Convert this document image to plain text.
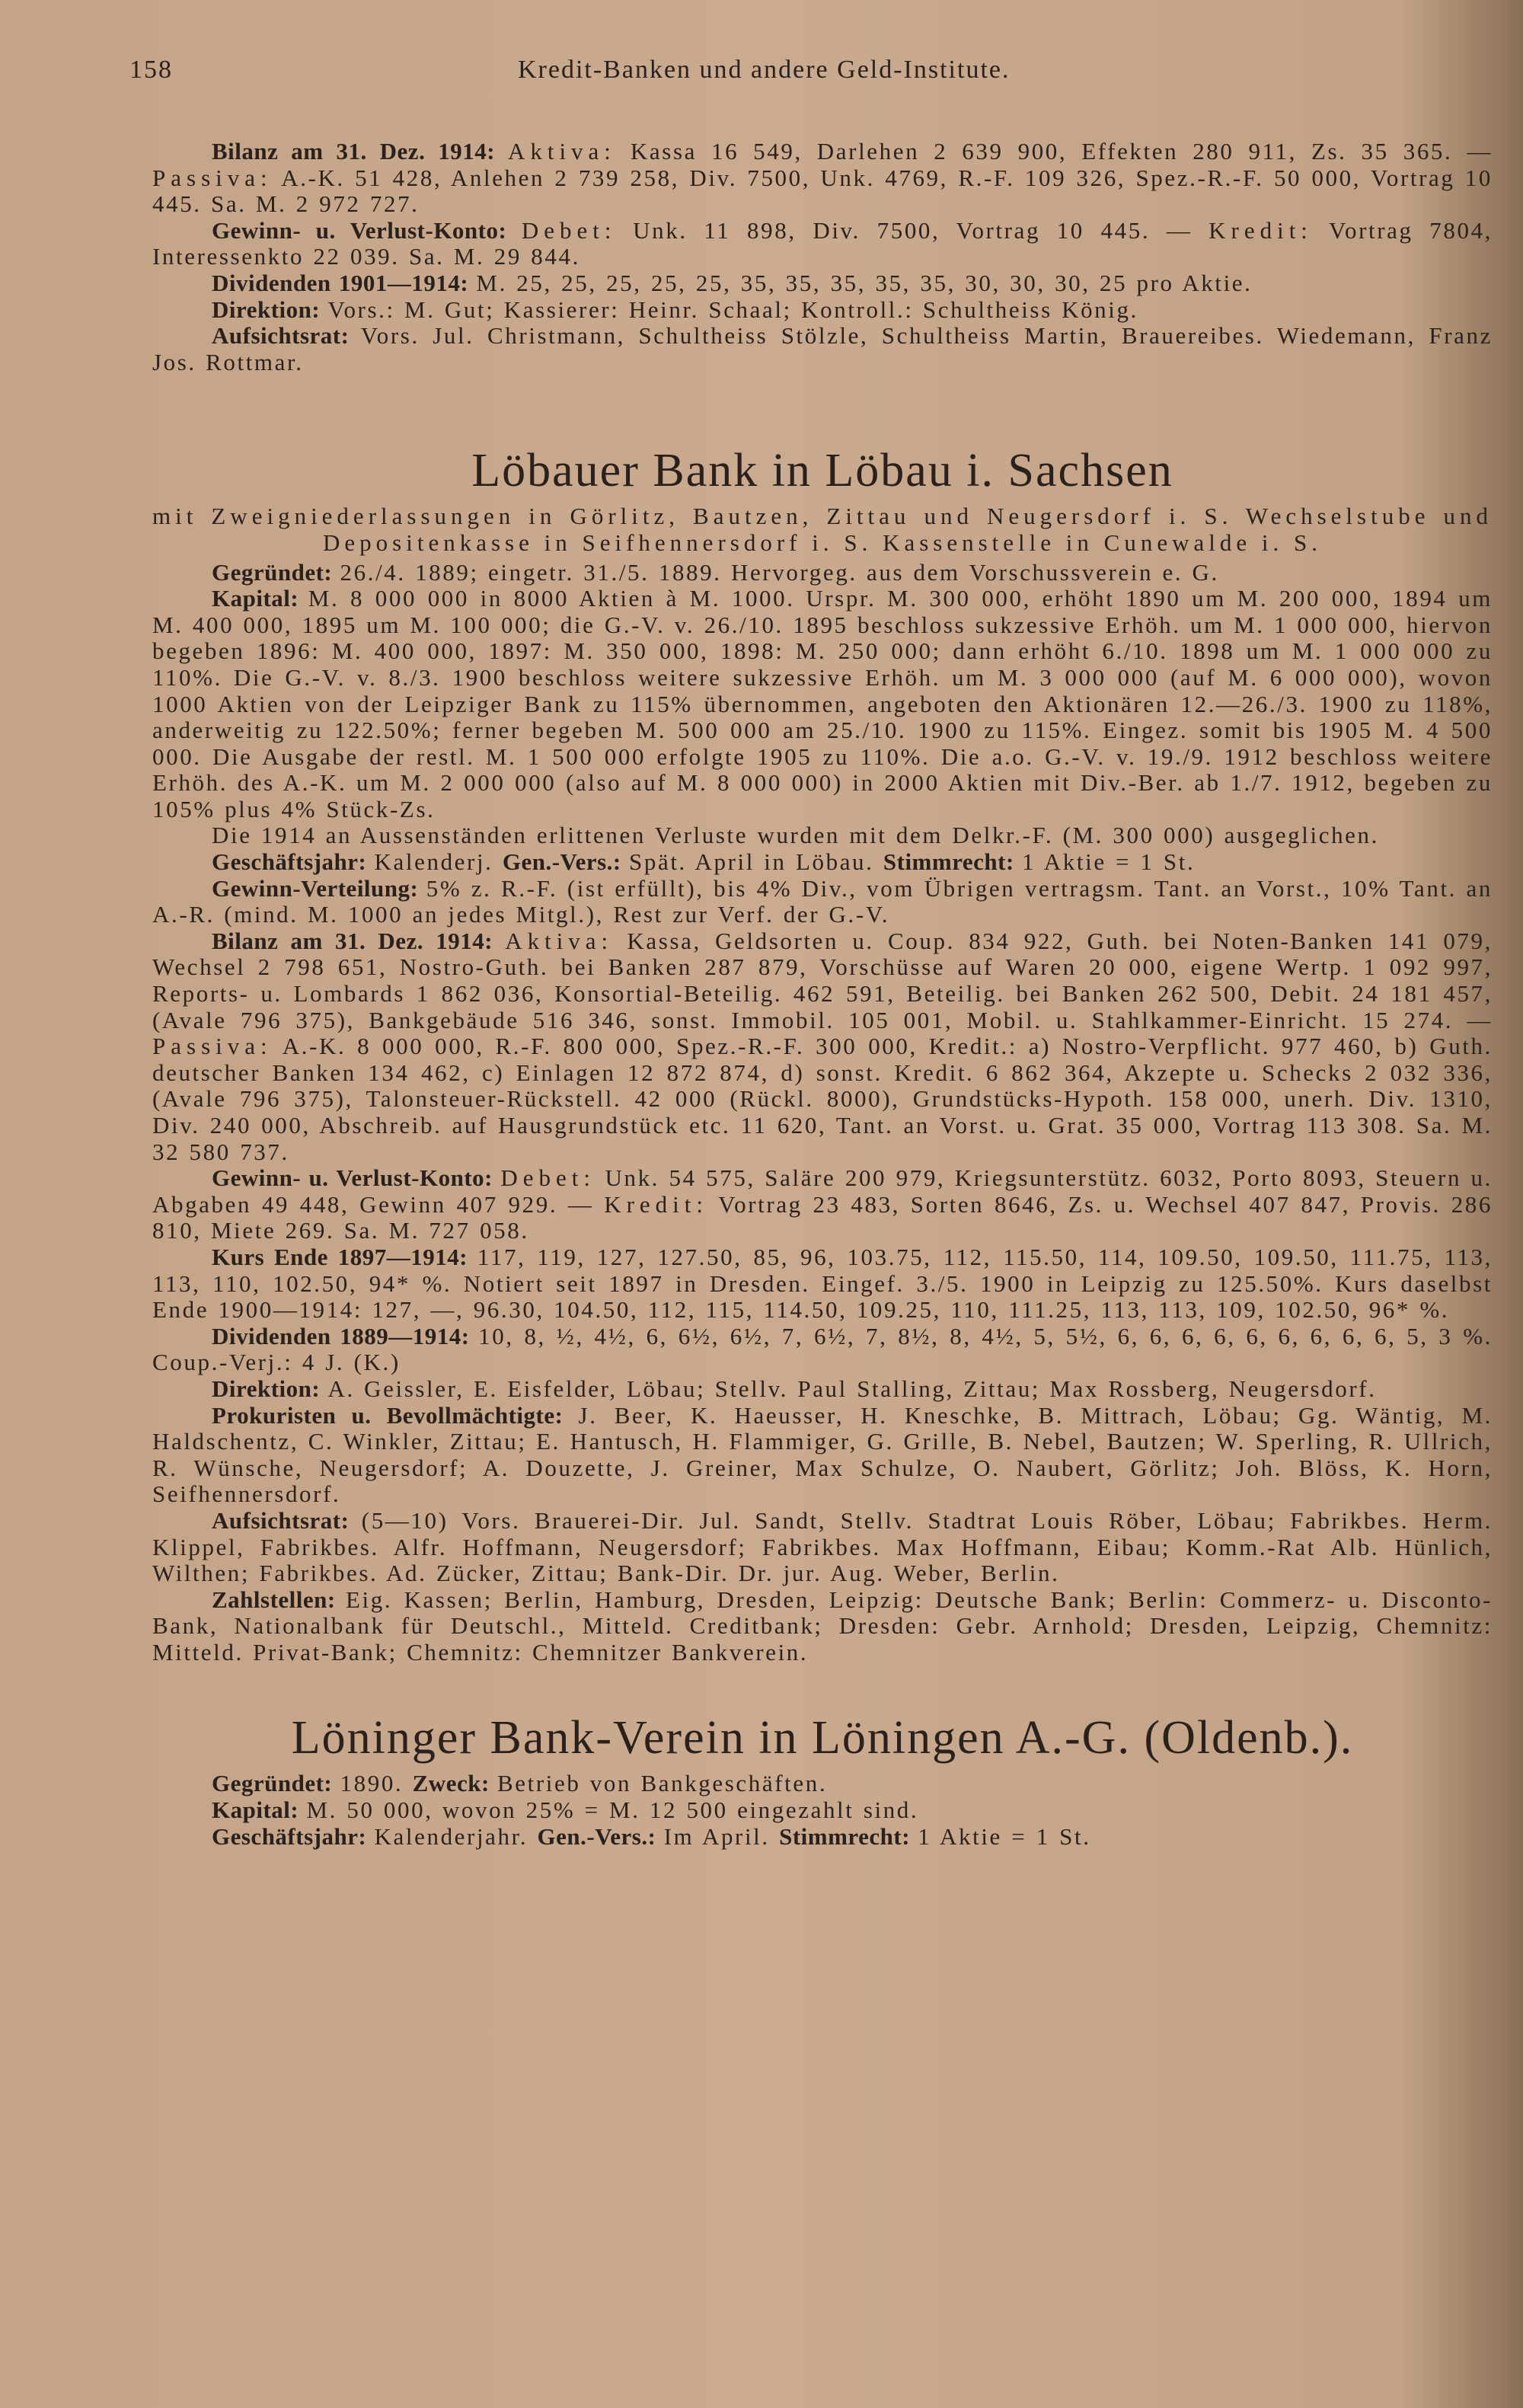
158	Kredit-Banken und andere Geld-Institute.

Bilanz am 31. Dez. 1914: Aktiva: Kassa 16 549, Darlehen 2 639 900, Effekten 280 911, Zs. 35 365. — Passiva: A.-K. 51 428, Anlehen 2 739 258, Div. 7500, Unk. 4769, R.-F. 109 326, Spez.-R.-F. 50 000, Vortrag 10 445. Sa. M. 2 972 727.

Gewinn- u. Verlust-Konto: Debet: Unk. 11 898, Div. 7500, Vortrag 10 445. — Kredit: Vortrag 7804, Interessenkto 22 039. Sa. M. 29 844.

Dividenden 1901—1914: M. 25, 25, 25, 25, 25, 35, 35, 35, 35, 35, 30, 30, 30, 25 pro Aktie.

Direktion: Vors.: M. Gut; Kassierer: Heinr. Schaal; Kontroll.: Schultheiss König.

Aufsichtsrat: Vors. Jul. Christmann, Schultheiss Stölzle, Schultheiss Martin, Brauereibes. Wiedemann, Franz Jos. Rottmar.

Löbauer Bank in Löbau i. Sachsen
mit Zweigniederlassungen in Görlitz, Bautzen, Zittau und Neugersdorf i. S. Wechselstube und Depositenkasse in Seifhennersdorf i. S. Kassenstelle in Cunewalde i. S.

Gegründet: 26./4. 1889; eingetr. 31./5. 1889. Hervorgeg. aus dem Vorschussverein e. G.

Kapital: M. 8 000 000 in 8000 Aktien à M. 1000. Urspr. M. 300 000, erhöht 1890 um M. 200 000, 1894 um M. 400 000, 1895 um M. 100 000; die G.-V. v. 26./10. 1895 beschloss sukzessive Erhöh. um M. 1 000 000, hiervon begeben 1896: M. 400 000, 1897: M. 350 000, 1898: M. 250 000; dann erhöht 6./10. 1898 um M. 1 000 000 zu 110%. Die G.-V. v. 8./3. 1900 beschloss weitere sukzessive Erhöh. um M. 3 000 000 (auf M. 6 000 000), wovon 1000 Aktien von der Leipziger Bank zu 115% übernommen, angeboten den Aktionären 12.—26./3. 1900 zu 118%, anderweitig zu 122.50%; ferner begeben M. 500 000 am 25./10. 1900 zu 115%. Eingez. somit bis 1905 M. 4 500 000. Die Ausgabe der restl. M. 1 500 000 erfolgte 1905 zu 110%. Die a.o. G.-V. v. 19./9. 1912 beschloss weitere Erhöh. des A.-K. um M. 2 000 000 (also auf M. 8 000 000) in 2000 Aktien mit Div.-Ber. ab 1./7. 1912, begeben zu 105% plus 4% Stück-Zs.

Die 1914 an Aussenständen erlittenen Verluste wurden mit dem Delkr.-F. (M. 300 000) ausgeglichen.

Geschäftsjahr: Kalenderj. Gen.-Vers.: Spät. April in Löbau. Stimmrecht: 1 Aktie = 1 St.

Gewinn-Verteilung: 5% z. R.-F. (ist erfüllt), bis 4% Div., vom Übrigen vertragsm. Tant. an Vorst., 10% Tant. an A.-R. (mind. M. 1000 an jedes Mitgl.), Rest zur Verf. der G.-V.

Bilanz am 31. Dez. 1914: Aktiva: Kassa, Geldsorten u. Coup. 834 922, Guth. bei Noten-Banken 141 079, Wechsel 2 798 651, Nostro-Guth. bei Banken 287 879, Vorschüsse auf Waren 20 000, eigene Wertp. 1 092 997, Reports- u. Lombards 1 862 036, Konsortial-Beteilig. 462 591, Beteilig. bei Banken 262 500, Debit. 24 181 457, (Avale 796 375), Bankgebäude 516 346, sonst. Immobil. 105 001, Mobil. u. Stahlkammer-Einricht. 15 274. — Passiva: A.-K. 8 000 000, R.-F. 800 000, Spez.-R.-F. 300 000, Kredit.: a) Nostro-Verpflicht. 977 460, b) Guth. deutscher Banken 134 462, c) Einlagen 12 872 874, d) sonst. Kredit. 6 862 364, Akzepte u. Schecks 2 032 336, (Avale 796 375), Talonsteuer-Rückstell. 42 000 (Rückl. 8000), Grundstücks-Hypoth. 158 000, unerh. Div. 1310, Div. 240 000, Abschreib. auf Hausgrundstück etc. 11 620, Tant. an Vorst. u. Grat. 35 000, Vortrag 113 308. Sa. M. 32 580 737.

Gewinn- u. Verlust-Konto: Debet: Unk. 54 575, Saläre 200 979, Kriegsunterstütz. 6032, Porto 8093, Steuern u. Abgaben 49 448, Gewinn 407 929. — Kredit: Vortrag 23 483, Sorten 8646, Zs. u. Wechsel 407 847, Provis. 286 810, Miete 269. Sa. M. 727 058.

Kurs Ende 1897—1914: 117, 119, 127, 127.50, 85, 96, 103.75, 112, 115.50, 114, 109.50, 109.50, 111.75, 113, 113, 110, 102.50, 94* %. Notiert seit 1897 in Dresden. Eingef. 3./5. 1900 in Leipzig zu 125.50%. Kurs daselbst Ende 1900—1914: 127, —, 96.30, 104.50, 112, 115, 114.50, 109.25, 110, 111.25, 113, 113, 109, 102.50, 96* %.

Dividenden 1889—1914: 10, 8, ½, 4½, 6, 6½, 6½, 7, 6½, 7, 8½, 8, 4½, 5, 5½, 6, 6, 6, 6, 6, 6, 6, 6, 6, 5, 3 %. Coup.-Verj.: 4 J. (K.)

Direktion: A. Geissler, E. Eisfelder, Löbau; Stellv. Paul Stalling, Zittau; Max Rossberg, Neugersdorf.

Prokuristen u. Bevollmächtigte: J. Beer, K. Haeusser, H. Kneschke, B. Mittrach, Löbau; Gg. Wäntig, M. Haldschentz, C. Winkler, Zittau; E. Hantusch, H. Flammiger, G. Grille, B. Nebel, Bautzen; W. Sperling, R. Ullrich, R. Wünsche, Neugersdorf; A. Douzette, J. Greiner, Max Schulze, O. Naubert, Görlitz; Joh. Blöss, K. Horn, Seifhennersdorf.

Aufsichtsrat: (5—10) Vors. Brauerei-Dir. Jul. Sandt, Stellv. Stadtrat Louis Röber, Löbau; Fabrikbes. Herm. Klippel, Fabrikbes. Alfr. Hoffmann, Neugersdorf; Fabrikbes. Max Hoffmann, Eibau; Komm.-Rat Alb. Hünlich, Wilthen; Fabrikbes. Ad. Zücker, Zittau; Bank-Dir. Dr. jur. Aug. Weber, Berlin.

Zahlstellen: Eig. Kassen; Berlin, Hamburg, Dresden, Leipzig: Deutsche Bank; Berlin: Commerz- u. Disconto-Bank, Nationalbank für Deutschl., Mitteld. Creditbank; Dresden: Gebr. Arnhold; Dresden, Leipzig, Chemnitz: Mitteld. Privat-Bank; Chemnitz: Chemnitzer Bankverein.

Löninger Bank-Verein in Löningen A.-G. (Oldenb.).

Gegründet: 1890. Zweck: Betrieb von Bankgeschäften.

Kapital: M. 50 000, wovon 25% = M. 12 500 eingezahlt sind.

Geschäftsjahr: Kalenderjahr. Gen.-Vers.: Im April. Stimmrecht: 1 Aktie = 1 St.
